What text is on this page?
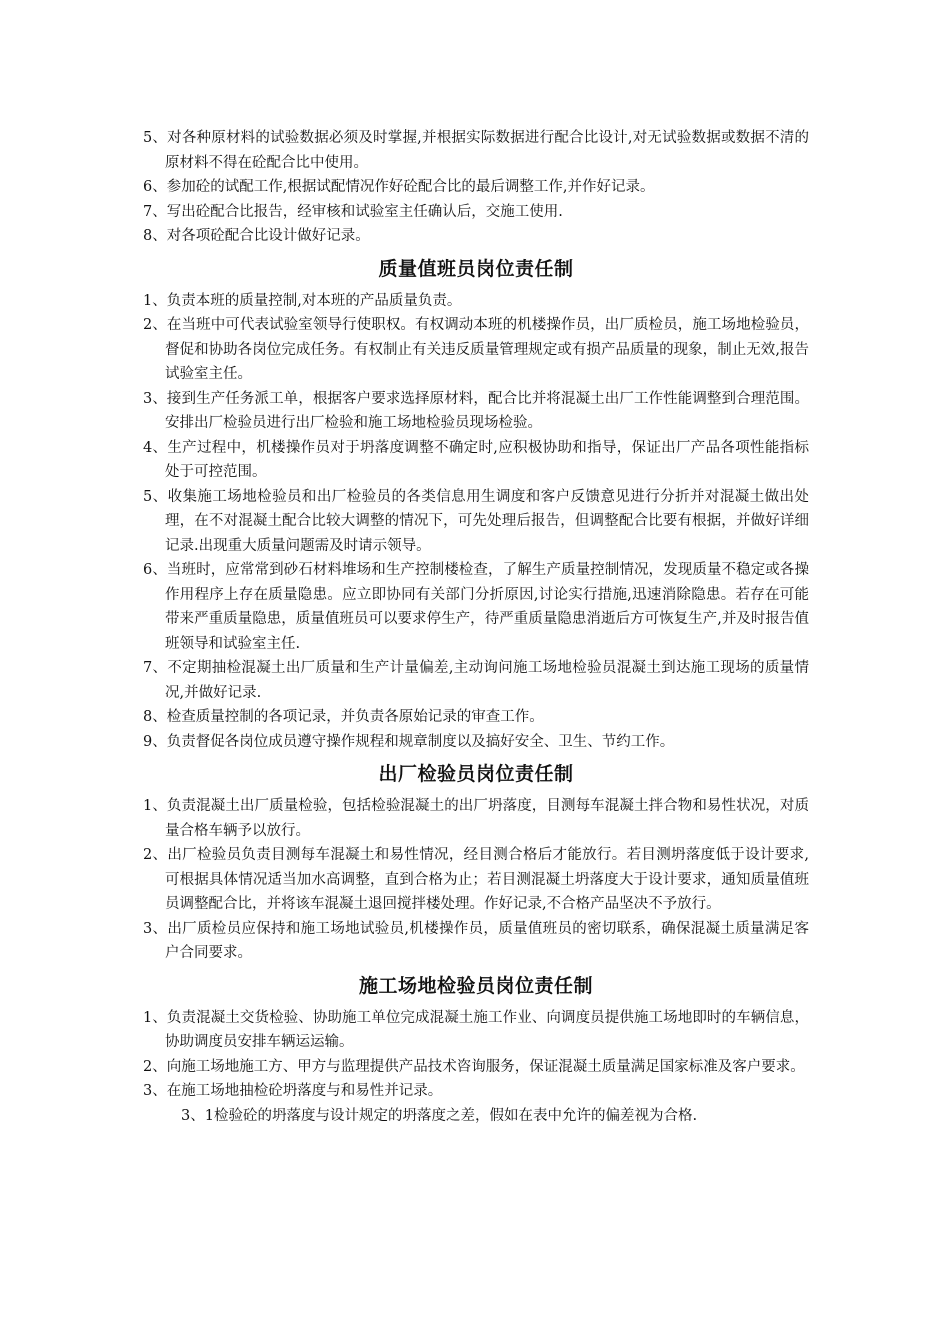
5、对各种原材料的试验数据必须及时掌握,并根据实际数据进行配合比设计,对无试验数据或数据不清的原材料不得在砼配合比中使用。

6、参加砼的试配工作,根据试配情况作好砼配合比的最后调整工作,并作好记录。

7、写出砼配合比报告，经审核和试验室主任确认后，交施工使用.

8、对各项砼配合比设计做好记录。

质量值班员岗位责任制

1、负责本班的质量控制,对本班的产品质量负责。

2、在当班中可代表试验室领导行使职权。有权调动本班的机楼操作员，出厂质检员，施工场地检验员，督促和协助各岗位完成任务。有权制止有关违反质量管理规定或有损产品质量的现象，制止无效,报告试验室主任。

3、接到生产任务派工单，根据客户要求选择原材料，配合比并将混凝土出厂工作性能调整到合理范围。安排出厂检验员进行出厂检验和施工场地检验员现场检验。

4、生产过程中，机楼操作员对于坍落度调整不确定时,应积极协助和指导，保证出厂产品各项性能指标处于可控范围。

5、收集施工场地检验员和出厂检验员的各类信息用生调度和客户反馈意见进行分折并对混凝土做出处理，在不对混凝土配合比较大调整的情况下，可先处理后报告，但调整配合比要有根据，并做好详细记录.出现重大质量问题需及时请示领导。

6、当班时，应常常到砂石材料堆场和生产控制楼检查，了解生产质量控制情况，发现质量不稳定或各操作用程序上存在质量隐患。应立即协同有关部门分折原因,讨论实行措施,迅速消除隐患。若存在可能带来严重质量隐患，质量值班员可以要求停生产，待严重质量隐患消逝后方可恢复生产,并及时报告值班领导和试验室主任.

7、不定期抽检混凝土出厂质量和生产计量偏差,主动询问施工场地检验员混凝土到达施工现场的质量情况,并做好记录.

8、检查质量控制的各项记录，并负责各原始记录的审查工作。

9、负责督促各岗位成员遵守操作规程和规章制度以及搞好安全、卫生、节约工作。

出厂检验员岗位责任制

1、负责混凝土出厂质量检验，包括检验混凝土的出厂坍落度，目测每车混凝土拌合物和易性状况，对质量合格车辆予以放行。

2、出厂检验员负责目测每车混凝土和易性情况，经目测合格后才能放行。若目测坍落度低于设计要求,可根据具体情况适当加水高调整，直到合格为止；若目测混凝土坍落度大于设计要求，通知质量值班员调整配合比，并将该车混凝土退回搅拌楼处理。作好记录,不合格产品坚决不予放行。

3、出厂质检员应保持和施工场地试验员,机楼操作员，质量值班员的密切联系，确保混凝土质量满足客户合同要求。

施工场地检验员岗位责任制

1、负责混凝土交货检验、协助施工单位完成混凝土施工作业、向调度员提供施工场地即时的车辆信息，协助调度员安排车辆运运输。

2、向施工场地施工方、甲方与监理提供产品技术咨询服务，保证混凝土质量满足国家标准及客户要求。

3、在施工场地抽检砼坍落度与和易性并记录。

3、1检验砼的坍落度与设计规定的坍落度之差，假如在表中允许的偏差视为合格.
